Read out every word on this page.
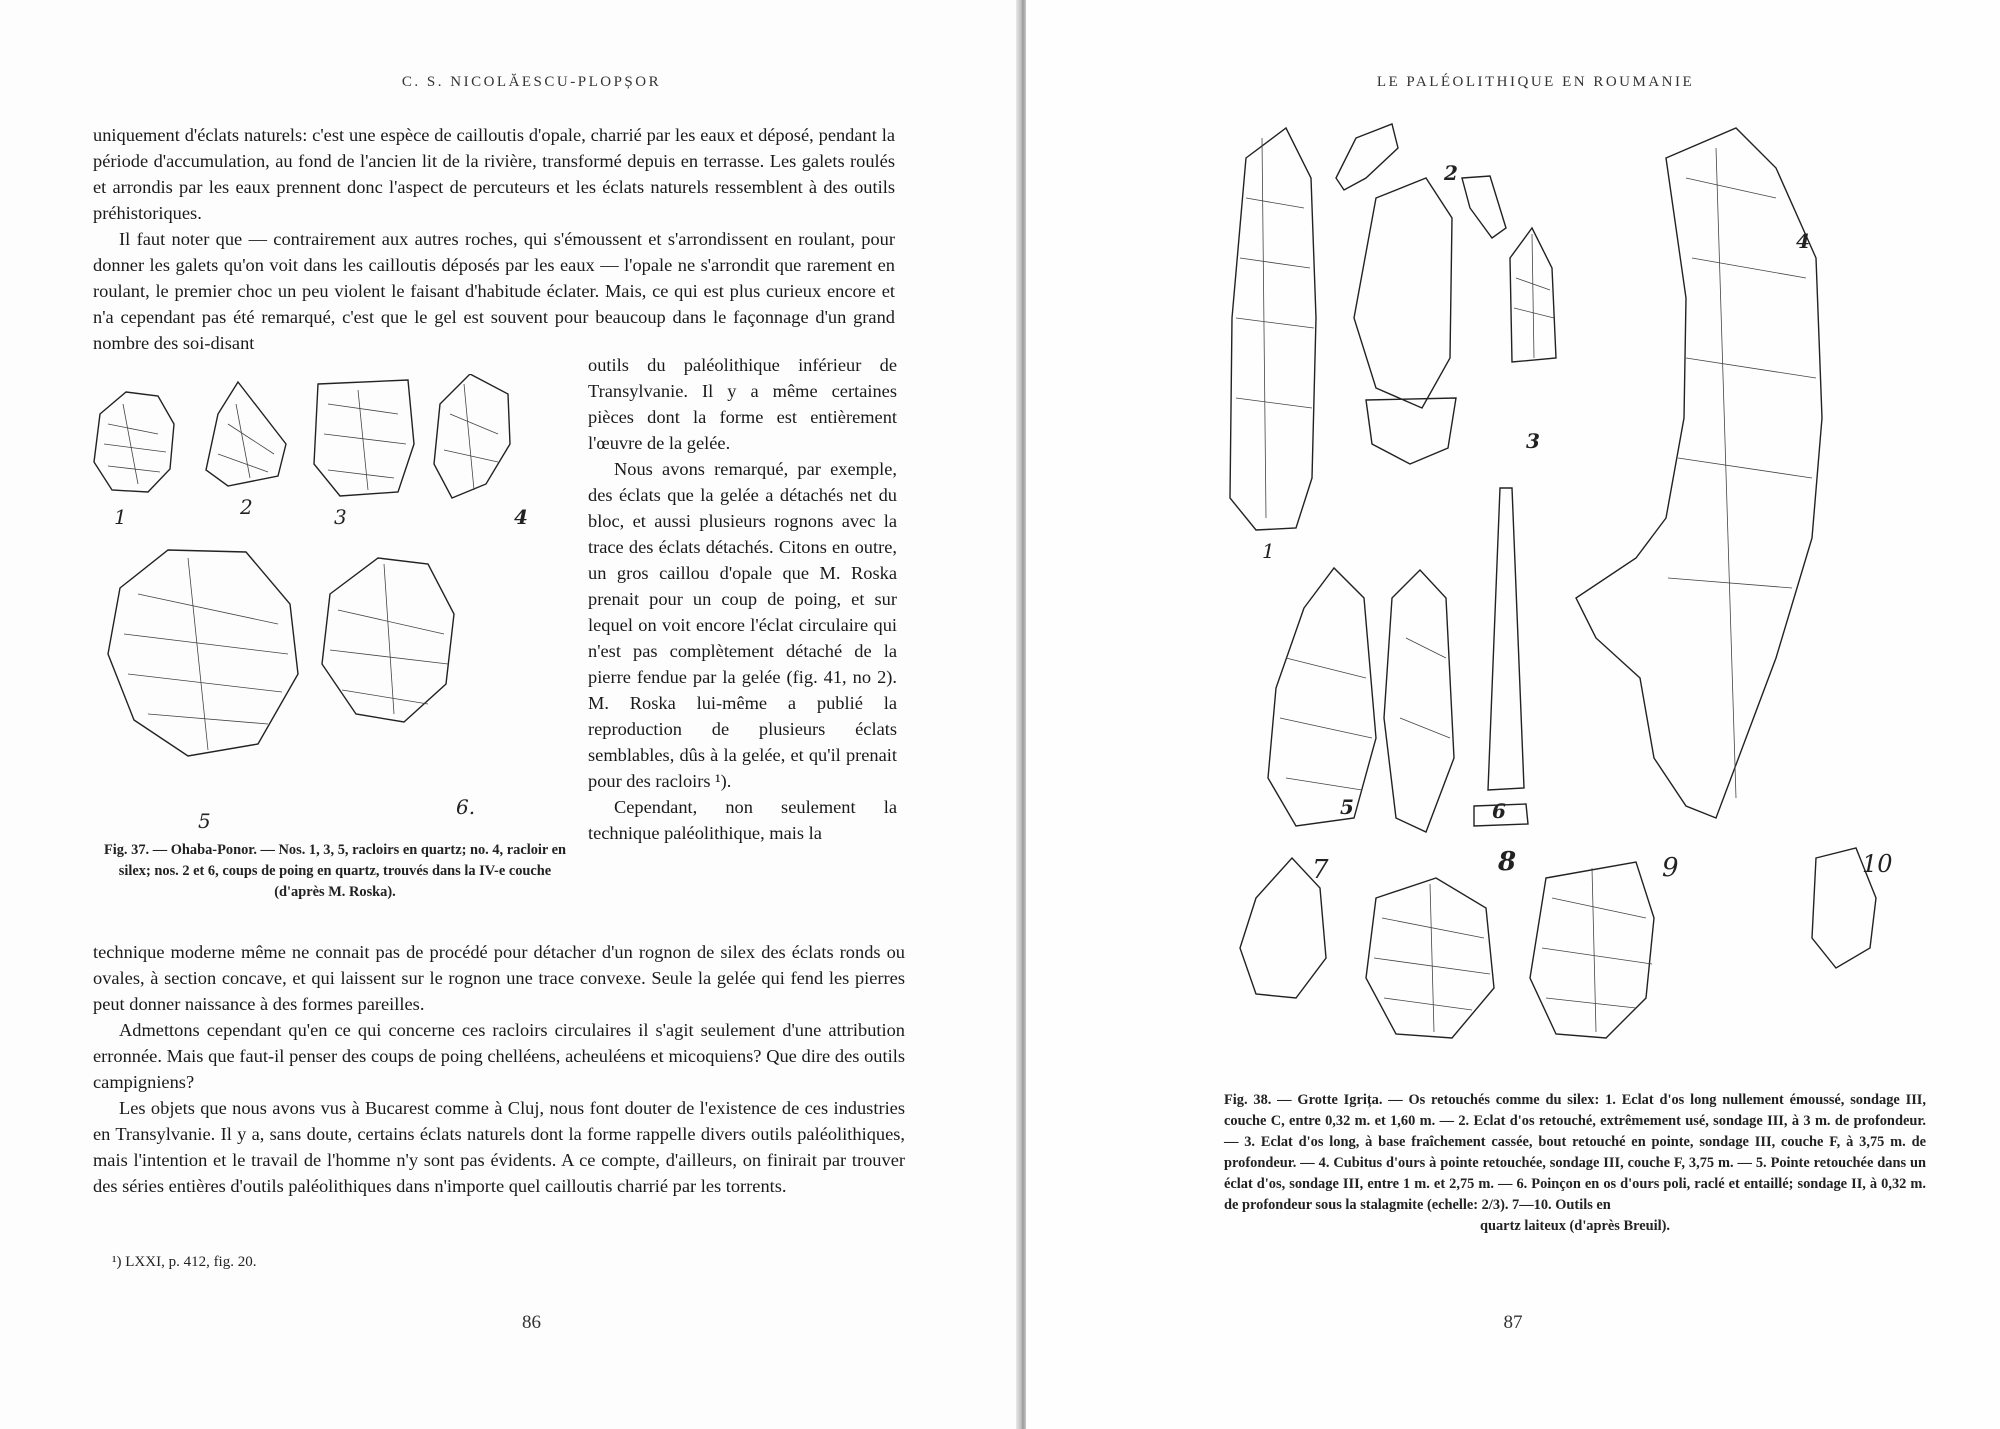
C. S. NICOLĂESCU-PLOPȘOR

uniquement d'éclats naturels: c'est une espèce de cailloutis d'opale, charrié par les eaux et déposé, pendant la période d'accumulation, au fond de l'ancien lit de la rivière, transformé depuis en terrasse. Les galets roulés et arrondis par les eaux prennent donc l'aspect de percuteurs et les éclats naturels ressemblent à des outils préhistoriques.

Il faut noter que — contrairement aux autres roches, qui s'émoussent et s'arrondissent en roulant, pour donner les galets qu'on voit dans les cailloutis déposés par les eaux — l'opale ne s'arrondit que rarement en roulant, le premier choc un peu violent le faisant d'habitude éclater. Mais, ce qui est plus curieux encore et n'a cependant pas été remarqué, c'est que le gel est souvent pour beaucoup dans le façonnage d'un grand nombre des soi-disant

1	2	3	4
5
6.
Fig. 37. — Ohaba-Ponor. — Nos. 1, 3, 5, racloirs en quartz; no. 4, racloir en silex; nos. 2 et 6, coups de poing en quartz, trouvés dans la IV-e couche (d'après M. Roska).

outils du paléolithique inférieur de Transylvanie. Il y a même certaines pièces dont la forme est entièrement l'œuvre de la gelée.

Nous avons remarqué, par exemple, des éclats que la gelée a détachés net du bloc, et aussi plusieurs rognons avec la trace des éclats détachés. Citons en outre, un gros caillou d'opale que M. Roska prenait pour un coup de poing, et sur lequel on voit encore l'éclat circulaire qui n'est pas complètement détaché de la pierre fendue par la gelée (fig. 41, no 2). M. Roska lui-même a publié la reproduction de plusieurs éclats semblables, dûs à la gelée, et qu'il prenait pour des racloirs ¹).

Cependant, non seulement la technique paléolithique, mais la

technique moderne même ne connait pas de procédé pour détacher d'un rognon de silex des éclats ronds ou ovales, à section concave, et qui laissent sur le rognon une trace convexe. Seule la gelée qui fend les pierres peut donner naissance à des formes pareilles.

Admettons cependant qu'en ce qui concerne ces racloirs circulaires il s'agit seulement d'une attribution erronnée. Mais que faut-il penser des coups de poing chelléens, acheuléens et micoquiens? Que dire des outils campigniens?

Les objets que nous avons vus à Bucarest comme à Cluj, nous font douter de l'existence de ces industries en Transylvanie. Il y a, sans doute, certains éclats naturels dont la forme rappelle divers outils paléolithiques, mais l'intention et le travail de l'homme n'y sont pas évidents. A ce compte, d'ailleurs, on finirait par trouver des séries entières d'outils paléolithiques dans n'importe quel cailloutis charrié par les torrents.

¹) LXXI, p. 412, fig. 20.
86
LE PALÉOLITHIQUE EN ROUMANIE
1
2
3
4
5	6
7	8	9	10
Fig. 38. — Grotte Igrița. — Os retouchés comme du silex: 1. Eclat d'os long nullement émoussé, sondage III, couche C, entre 0,32 m. et 1,60 m. — 2. Eclat d'os retouché, extrêmement usé, sondage III, à 3 m. de profondeur. — 3. Eclat d'os long, à base fraîchement cassée, bout retouché en pointe, sondage III, couche F, à 3,75 m. de profondeur. — 4. Cubitus d'ours à pointe retouchée, sondage III, couche F, 3,75 m. — 5. Pointe retouchée dans un éclat d'os, sondage III, entre 1 m. et 2,75 m. — 6. Poinçon en os d'ours poli, raclé et entaillé; sondage II, à 0,32 m. de profondeur sous la stalagmite (echelle: 2/3). 7—10. Outils en
quartz laiteux (d'après Breuil).
87
